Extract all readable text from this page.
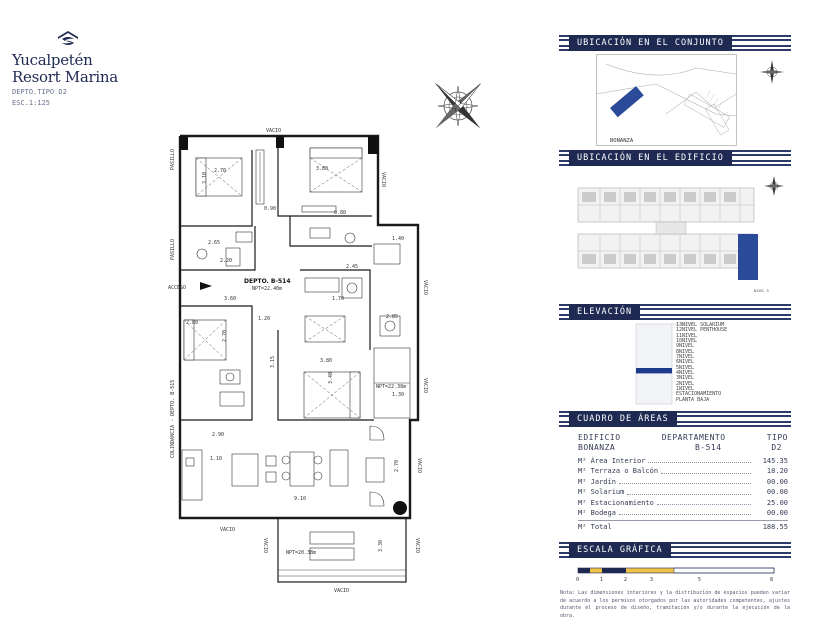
Yucalpetén
Resort Marina
DEPTO.TIPO D2
ESC.1:125
VACIO
PASILLO
PASILLO
VACIO
ACCESO
DEPTO. B-514
NPT=22.40m
COLINDANCIA - DEPTO. B-515
VACIO
VACIO
VACIO
VACIO
VACIO
VACIO	VACIO
NPT=22.38m
NPT=20.38m
2.70
3.10
3.80
0.90
2.65
2.20
2.45
1.40
3.60	1.70
2.85
1.20
2.80
3.80
3.40
3.15
1.30
2.90
1.10
2.70
9.10
3.30
2.70
0.80
UBICACIÓN EN EL CONJUNTO
BONANZA
UBICACIÓN EN EL EDIFICIO
NIVEL 5
ELEVACIÓN
13NIVEL SOLARIUM
12NIVEL PENTHOUSE
11NIVEL
10NIVEL
9NIVEL
8NIVEL
7NIVEL
6NIVEL
5NIVEL
4NIVEL
3NIVEL
2NIVEL
1NIVEL
ESTACIONAMIENTO
PLANTA BAJA
CUADRO DE ÁREAS
EDIFICIO	DEPARTAMENTO	TIPO
BONANZA	B-514	D2
M² Área Interior	145.35
M² Terraza o Balcón	18.20
M² Jardín	00.00
M² Solarium	00.00
M² Estacionamiento	25.00
M² Bodega	00.00
M² Total	188.55
ESCALA GRÁFICA
0	1	2	3	5	8
Nota: Las dimensiones interiores y la distribución de espacios pueden variar de acuerdo a los permisos otorgados por las autoridades competentes, ajustes durante el proceso de diseño, tramitación y/o durante la ejecución de la obra.
